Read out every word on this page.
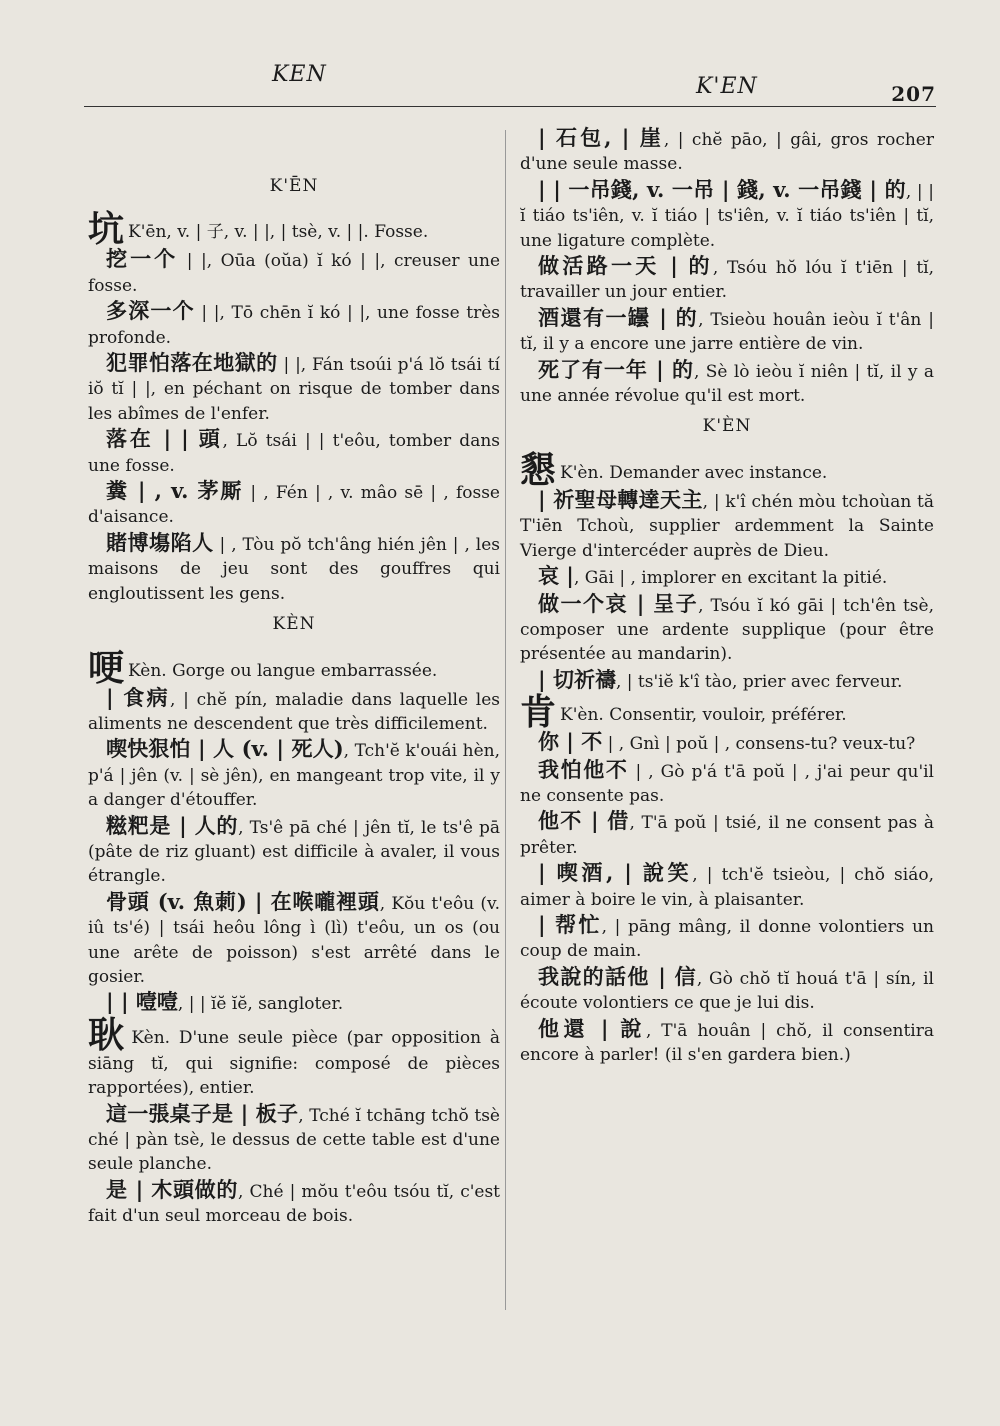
KEN	K'EN	207
K'ĒN
坑 K'ēn, v. | 子, v. | |, | tsè, v. | |. Fosse.
挖一个 | |, Oūa (oŭa) ĭ kó | |, creuser une fosse.
多深一个 | |, Tō chēn ĭ kó | |, une fosse très profonde.
犯罪怕落在地獄的 | |, Fán tsoúi p'á lŏ tsái tí iŏ tĭ | |, en péchant on risque de tomber dans les abîmes de l'enfer.
落在 | | 頭, Lŏ tsái | | t'eôu, tomber dans une fosse.
糞 | , v. 茅厮 | , Fén | , v. mâo sē | , fosse d'aisance.
賭博塲陷人 | , Tòu pŏ tch'âng hién jên | , les maisons de jeu sont des gouffres qui engloutissent les gens.
KÈN
哽 Kèn. Gorge ou langue embarrassée.
| 食病, | chĕ pín, maladie dans laquelle les aliments ne descendent que très difficilement.
喫快狠怕 | 人 (v. | 死人), Tch'ĕ k'ouái hèn, p'á | jên (v. | sè jên), en mangeant trop vite, il y a danger d'étouffer.
糍粑是 | 人的, Ts'ê pā ché | jên tĭ, le ts'ê pā (pâte de riz gluant) est difficile à avaler, il vous étrangle.
骨頭 (v. 魚莿) | 在喉嚨裡頭, Kŏu t'eôu (v. iû ts'é) | tsái heôu lông ì (lì) t'eôu, un os (ou une arête de poisson) s'est arrêté dans le gosier.
| | 噎噎, | | ĭĕ ĭĕ, sangloter.
耿 Kèn. D'une seule pièce (par opposition à siāng tĭ, qui signifie: composé de pièces rapportées), entier.
這一張桌子是 | 板子, Tché ĭ tchāng tchŏ tsè ché | pàn tsè, le dessus de cette table est d'une seule planche.
是 | 木頭做的, Ché | mŏu t'eôu tsóu tĭ, c'est fait d'un seul morceau de bois.
| 石包, | 崖, | chĕ pāo, | gâi, gros rocher d'une seule masse.
| | 一吊錢, v. 一吊 | 錢, v. 一吊錢 | 的, | | ĭ tiáo ts'iên, v. ĭ tiáo | ts'iên, v. ĭ tiáo ts'iên | tĭ, une ligature complète.
做活路一天 | 的, Tsóu hŏ lóu ĭ t'iēn | tĭ, travailler un jour entier.
酒還有一罎 | 的, Tsieòu houân ieòu ĭ t'ân | tĭ, il y a encore une jarre entière de vin.
死了有一年 | 的, Sè lò ieòu ĭ niên | tĭ, il y a une année révolue qu'il est mort.
K'ÈN
懇 K'èn. Demander avec instance.
| 祈聖母轉達天主, | k'î chén mòu tchoùan tă T'iēn Tchoù, supplier ardemment la Sainte Vierge d'intercéder auprès de Dieu.
哀 |, Gāi | , implorer en excitant la pitié.
做一个哀 | 呈子, Tsóu ĭ kó gāi | tch'ên tsè, composer une ardente supplique (pour être présentée au mandarin).
| 切祈禱, | ts'iĕ k'î tào, prier avec ferveur.
肯 K'èn. Consentir, vouloir, préférer.
你 | 不 | , Gnì | poŭ | , consens-tu? veux-tu?
我怕他不 | , Gò p'á t'ā poŭ | , j'ai peur qu'il ne consente pas.
他不 | 借, T'ā poŭ | tsié, il ne consent pas à prêter.
| 喫酒, | 說笑, | tch'ĕ tsieòu, | chŏ siáo, aimer à boire le vin, à plaisanter.
| 帮忙, | pāng mâng, il donne volontiers un coup de main.
我說的話他 | 信, Gò chŏ tĭ houá t'ā | sín, il écoute volontiers ce que je lui dis.
他還 | 說, T'ā houân | chŏ, il consentira encore à parler! (il s'en gardera bien.)
